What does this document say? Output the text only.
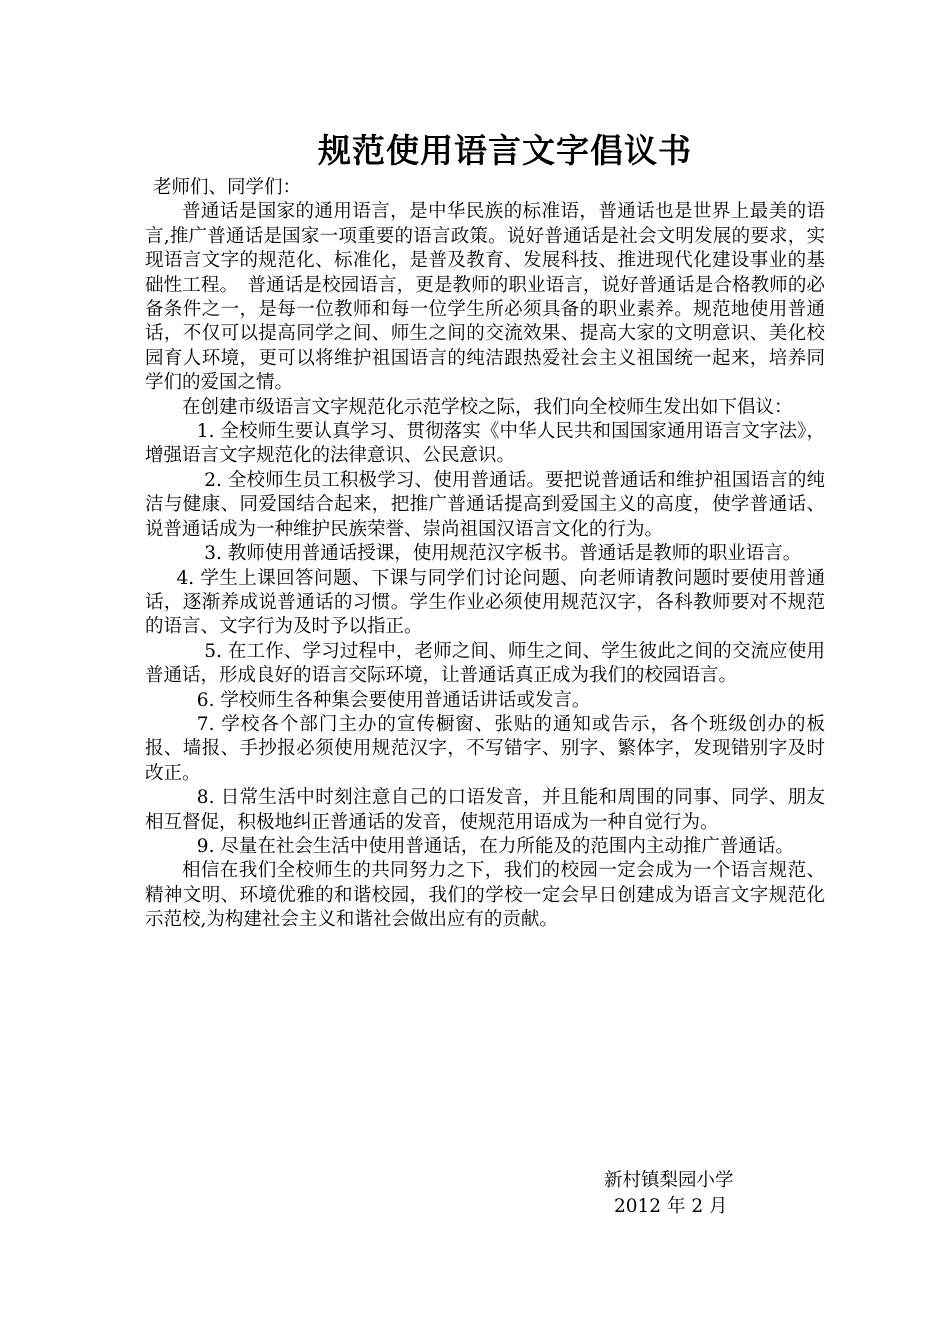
规范使用语言文字倡议书

老师们、同学们：

普通话是国家的通用语言，是中华民族的标准语，普通话也是世界上最美的语言,推广普通话是国家一项重要的语言政策。说好普通话是社会文明发展的要求，实现语言文字的规范化、标准化，是普及教育、发展科技、推进现代化建设事业的基础性工程。　普通话是校园语言，更是教师的职业语言，说好普通话是合格教师的必备条件之一，是每一位教师和每一位学生所必须具备的职业素养。规范地使用普通话，不仅可以提高同学之间、师生之间的交流效果、提高大家的文明意识、美化校园育人环境，更可以将维护祖国语言的纯洁跟热爱社会主义祖国统一起来，培养同学们的爱国之情。

在创建市级语言文字规范化示范学校之际，我们向全校师生发出如下倡议：

1. 全校师生要认真学习、贯彻落实《中华人民共和国国家通用语言文字法》，增强语言文字规范化的法律意识、公民意识。

2. 全校师生员工积极学习、使用普通话。要把说普通话和维护祖国语言的纯洁与健康、同爱国结合起来，把推广普通话提高到爱国主义的高度，使学普通话、说普通话成为一种维护民族荣誉、崇尚祖国汉语言文化的行为。

3. 教师使用普通话授课，使用规范汉字板书。普通话是教师的职业语言。

4. 学生上课回答问题、下课与同学们讨论问题、向老师请教问题时要使用普通话，逐渐养成说普通话的习惯。学生作业必须使用规范汉字，各科教师要对不规范的语言、文字行为及时予以指正。

5. 在工作、学习过程中，老师之间、师生之间、学生彼此之间的交流应使用普通话，形成良好的语言交际环境，让普通话真正成为我们的校园语言。

6. 学校师生各种集会要使用普通话讲话或发言。

7. 学校各个部门主办的宣传橱窗、张贴的通知或告示，各个班级创办的板报、墙报、手抄报必须使用规范汉字，不写错字、别字、繁体字，发现错别字及时改正。

8. 日常生活中时刻注意自己的口语发音，并且能和周围的同事、同学、朋友相互督促，积极地纠正普通话的发音，使规范用语成为一种自觉行为。

9. 尽量在社会生活中使用普通话，在力所能及的范围内主动推广普通话。

相信在我们全校师生的共同努力之下，我们的校园一定会成为一个语言规范、精神文明、环境优雅的和谐校园，我们的学校一定会早日创建成为语言文字规范化示范校,为构建社会主义和谐社会做出应有的贡献。

新村镇梨园小学
2012 年 2 月
